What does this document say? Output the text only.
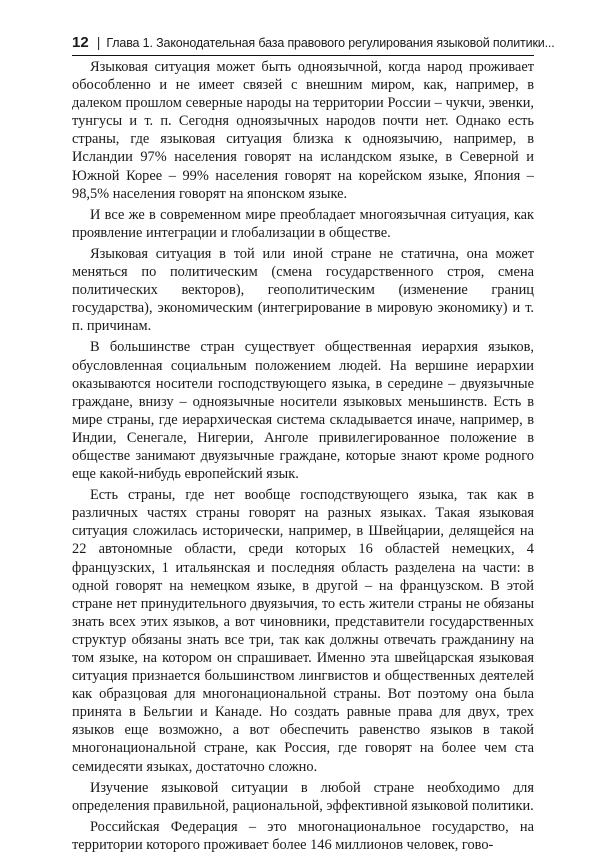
12 | Глава 1. Законодательная база правового регулирования языковой политики...

Языковая ситуация может быть одноязычной, когда народ проживает обособленно и не имеет связей с внешним миром, как, например, в далеком прошлом северные народы на территории России – чукчи, эвенки, тунгусы и т. п. Сегодня одноязычных народов почти нет. Однако есть страны, где языковая ситуация близка к одноязычию, например, в Исландии 97% населения говорят на исландском языке, в Северной и Южной Корее – 99% населения говорят на корейском языке, Япония – 98,5% населения говорят на японском языке.

И все же в современном мире преобладает многоязычная ситуация, как проявление интеграции и глобализации в обществе.

Языковая ситуация в той или иной стране не статична, она может меняться по политическим (смена государственного строя, смена политических векторов), геополитическим (изменение границ государства), экономическим (интегрирование в мировую экономику) и т. п. причинам.

В большинстве стран существует общественная иерархия языков, обусловленная социальным положением людей. На вершине иерархии оказываются носители господствующего языка, в середине – двуязычные граждане, внизу – одноязычные носители языковых меньшинств. Есть в мире страны, где иерархическая система складывается иначе, например, в Индии, Сенегале, Нигерии, Анголе привилегированное положение в обществе занимают двуязычные граждане, которые знают кроме родного еще какой-нибудь европейский язык.

Есть страны, где нет вообще господствующего языка, так как в различных частях страны говорят на разных языках. Такая языковая ситуация сложилась исторически, например, в Швейцарии, делящейся на 22 автономные области, среди которых 16 областей немецких, 4 французских, 1 итальянская и последняя область разделена на части: в одной говорят на немецком языке, в другой – на французском. В этой стране нет принудительного двуязычия, то есть жители страны не обязаны знать всех этих языков, а вот чиновники, представители государственных структур обязаны знать все три, так как должны отвечать гражданину на том языке, на котором он спрашивает. Именно эта швейцарская языковая ситуация признается большинством лингвистов и общественных деятелей как образцовая для многонациональной страны. Вот поэтому она была принята в Бельгии и Канаде. Но создать равные права для двух, трех языков еще возможно, а вот обеспечить равенство языков в такой многонациональной стране, как Россия, где говорят на более чем ста семидесяти языках, достаточно сложно.

Изучение языковой ситуации в любой стране необходимо для определения правильной, рациональной, эффективной языковой политики.

Российская Федерация – это многонациональное государство, на территории которого проживает более 146 миллионов человек, гово-
